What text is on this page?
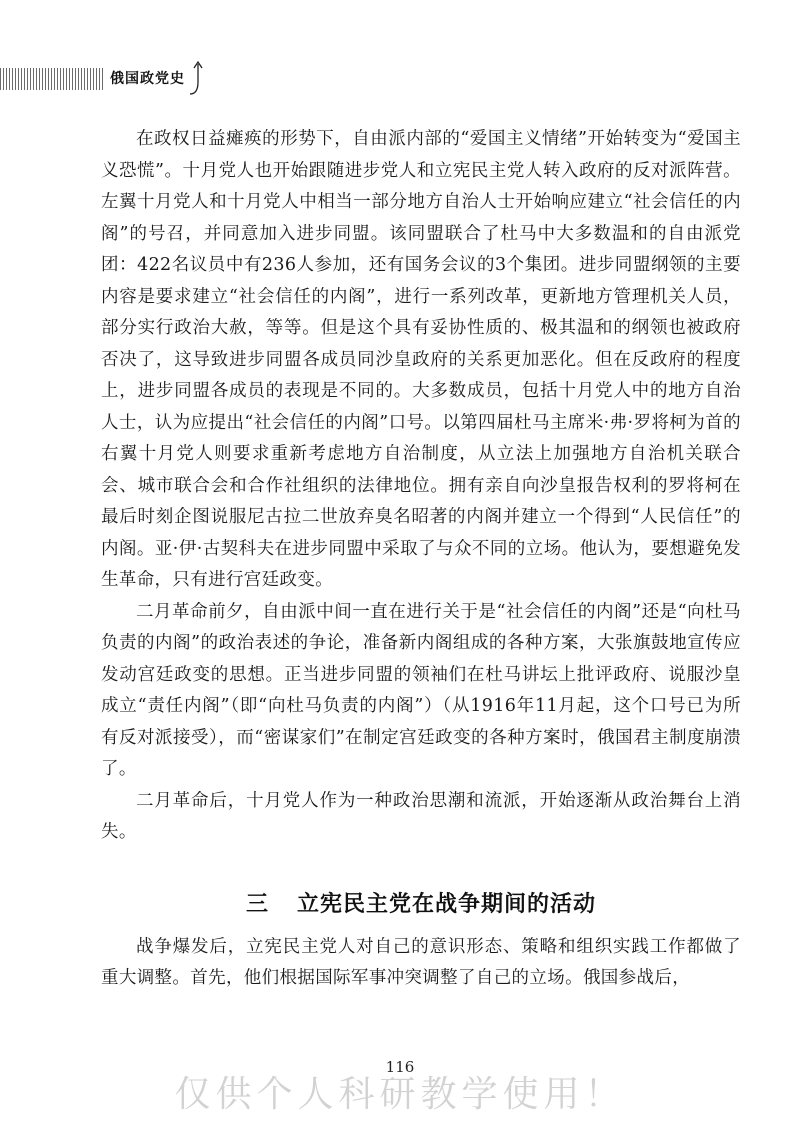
俄国政党史

在政权日益瘫痪的形势下，自由派内部的“爱国主义情绪”开始转变为“爱国主义恐慌”。十月党人也开始跟随进步党人和立宪民主党人转入政府的反对派阵营。左翼十月党人和十月党人中相当一部分地方自治人士开始响应建立“社会信任的内阁”的号召，并同意加入进步同盟。该同盟联合了杜马中大多数温和的自由派党团：422名议员中有236人参加，还有国务会议的3个集团。进步同盟纲领的主要内容是要求建立“社会信任的内阁”，进行一系列改革，更新地方管理机关人员，部分实行政治大赦，等等。但是这个具有妥协性质的、极其温和的纲领也被政府否决了，这导致进步同盟各成员同沙皇政府的关系更加恶化。但在反政府的程度上，进步同盟各成员的表现是不同的。大多数成员，包括十月党人中的地方自治人士，认为应提出“社会信任的内阁”口号。以第四届杜马主席米·弗·罗将柯为首的右翼十月党人则要求重新考虑地方自治制度，从立法上加强地方自治机关联合会、城市联合会和合作社组织的法律地位。拥有亲自向沙皇报告权利的罗将柯在最后时刻企图说服尼古拉二世放弃臭名昭著的内阁并建立一个得到“人民信任”的内阁。亚·伊·古契科夫在进步同盟中采取了与众不同的立场。他认为，要想避免发生革命，只有进行宫廷政变。

二月革命前夕，自由派中间一直在进行关于是“社会信任的内阁”还是“向杜马负责的内阁”的政治表述的争论，准备新内阁组成的各种方案，大张旗鼓地宣传应发动宫廷政变的思想。正当进步同盟的领袖们在杜马讲坛上批评政府、说服沙皇成立“责任内阁”（即“向杜马负责的内阁”）（从1916年11月起，这个口号已为所有反对派接受），而“密谋家们”在制定宫廷政变的各种方案时，俄国君主制度崩溃了。

二月革命后，十月党人作为一种政治思潮和流派，开始逐渐从政治舞台上消失。

三 立宪民主党在战争期间的活动

战争爆发后，立宪民主党人对自己的意识形态、策略和组织实践工作都做了重大调整。首先，他们根据国际军事冲突调整了自己的立场。俄国参战后，

116
仅供个人科研教学使用！
